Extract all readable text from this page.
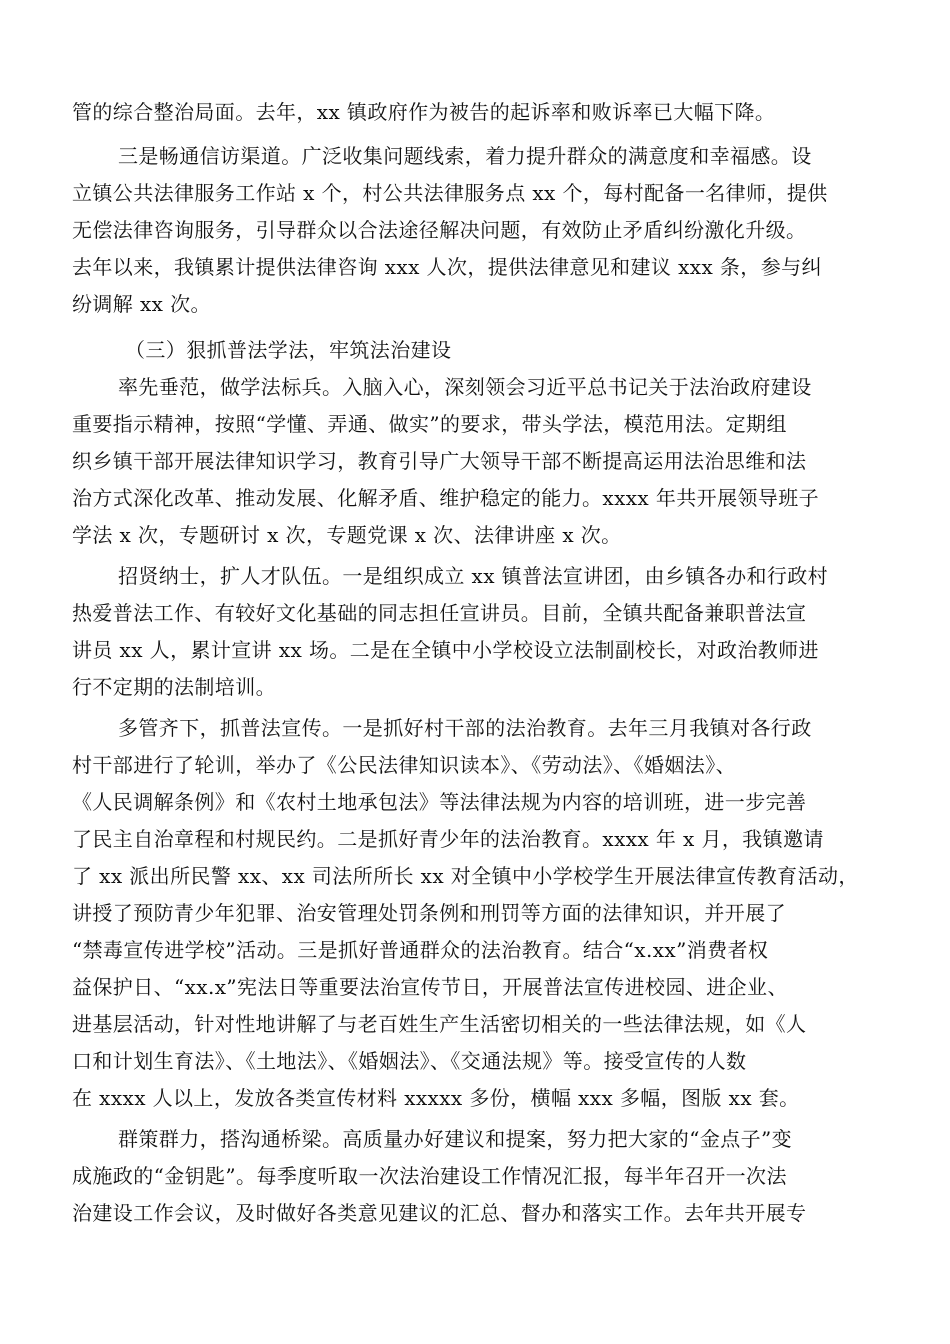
管的综合整治局面。去年，xx 镇政府作为被告的起诉率和败诉率已大幅下降。
三是畅通信访渠道。广泛收集问题线索，着力提升群众的满意度和幸福感。设
立镇公共法律服务工作站 x 个，村公共法律服务点 xx 个，每村配备一名律师，提供
无偿法律咨询服务，引导群众以合法途径解决问题，有效防止矛盾纠纷激化升级。
去年以来，我镇累计提供法律咨询 xxx 人次，提供法律意见和建议 xxx 条，参与纠
纷调解 xx 次。
（三）狠抓普法学法，牢筑法治建设
率先垂范，做学法标兵。入脑入心，深刻领会习近平总书记关于法治政府建设
重要指示精神，按照“学懂、弄通、做实”的要求，带头学法，模范用法。定期组
织乡镇干部开展法律知识学习，教育引导广大领导干部不断提高运用法治思维和法
治方式深化改革、推动发展、化解矛盾、维护稳定的能力。xxxx 年共开展领导班子
学法 x 次，专题研讨 x 次，专题党课 x 次、法律讲座 x 次。
招贤纳士，扩人才队伍。一是组织成立 xx 镇普法宣讲团，由乡镇各办和行政村
热爱普法工作、有较好文化基础的同志担任宣讲员。目前，全镇共配备兼职普法宣
讲员 xx 人，累计宣讲 xx 场。二是在全镇中小学校设立法制副校长，对政治教师进
行不定期的法制培训。
多管齐下，抓普法宣传。一是抓好村干部的法治教育。去年三月我镇对各行政
村干部进行了轮训，举办了《公民法律知识读本》、《劳动法》、《婚姻法》、
《人民调解条例》和《农村土地承包法》等法律法规为内容的培训班，进一步完善
了民主自治章程和村规民约。二是抓好青少年的法治教育。xxxx 年 x 月，我镇邀请
了 xx 派出所民警 xx、xx 司法所所长 xx 对全镇中小学校学生开展法律宣传教育活动，
讲授了预防青少年犯罪、治安管理处罚条例和刑罚等方面的法律知识，并开展了
“禁毒宣传进学校”活动。三是抓好普通群众的法治教育。结合“x.xx”消费者权
益保护日、“xx.x”宪法日等重要法治宣传节日，开展普法宣传进校园、进企业、
进基层活动，针对性地讲解了与老百姓生产生活密切相关的一些法律法规，如《人
口和计划生育法》、《土地法》、《婚姻法》、《交通法规》等。接受宣传的人数
在 xxxx 人以上，发放各类宣传材料 xxxxx 多份，横幅 xxx 多幅，图版 xx 套。
群策群力，搭沟通桥梁。高质量办好建议和提案，努力把大家的“金点子”变
成施政的“金钥匙”。每季度听取一次法治建设工作情况汇报，每半年召开一次法
治建设工作会议，及时做好各类意见建议的汇总、督办和落实工作。去年共开展专
